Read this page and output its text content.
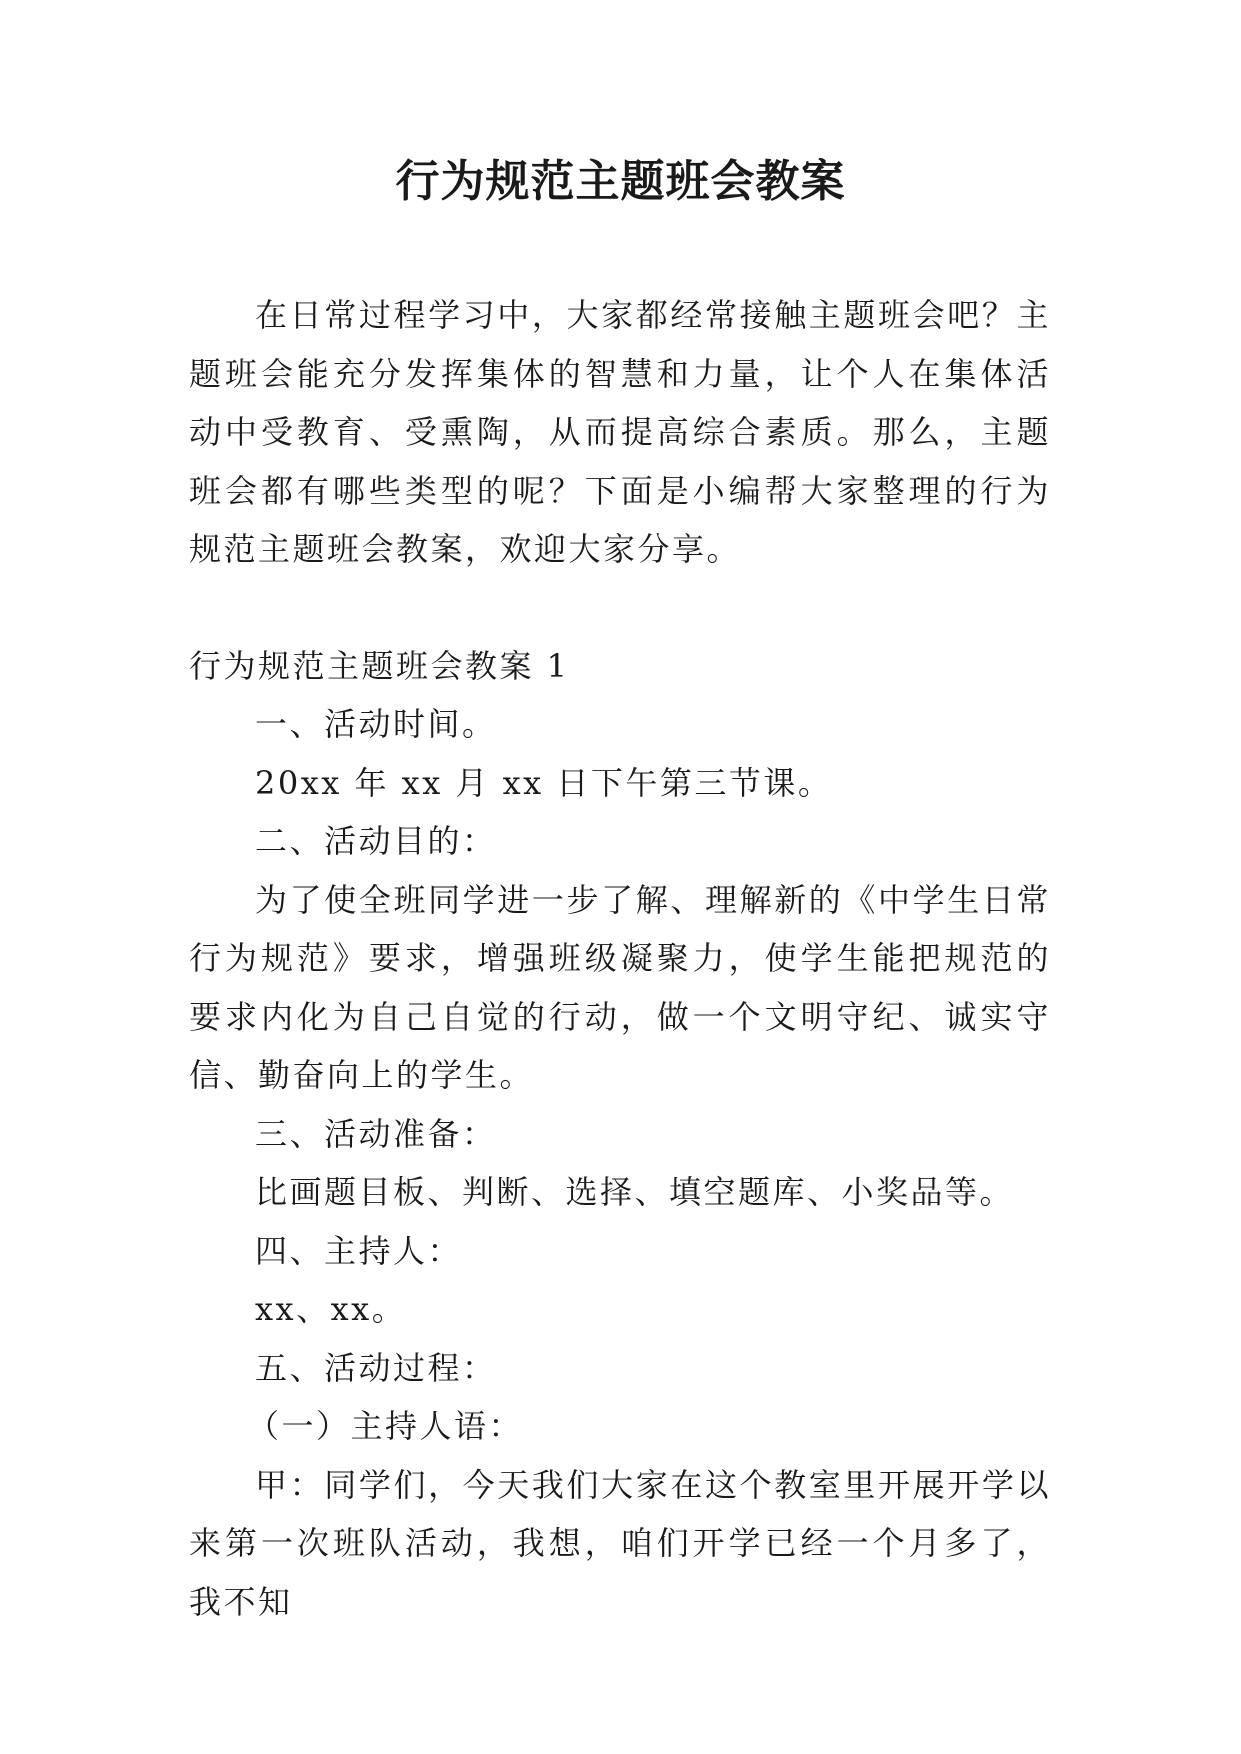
行为规范主题班会教案

在日常过程学习中，大家都经常接触主题班会吧？主题班会能充分发挥集体的智慧和力量，让个人在集体活动中受教育、受熏陶，从而提高综合素质。那么，主题班会都有哪些类型的呢？下面是小编帮大家整理的行为规范主题班会教案，欢迎大家分享。

行为规范主题班会教案 1

一、活动时间。

20xx 年 xx 月 xx 日下午第三节课。

二、活动目的：

为了使全班同学进一步了解、理解新的《中学生日常行为规范》要求，增强班级凝聚力，使学生能把规范的要求内化为自己自觉的行动，做一个文明守纪、诚实守信、勤奋向上的学生。

三、活动准备：

比画题目板、判断、选择、填空题库、小奖品等。

四、主持人：

xx、xx。

五、活动过程：

（一）主持人语：

甲：同学们，今天我们大家在这个教室里开展开学以来第一次班队活动，我想，咱们开学已经一个月多了，我不知
